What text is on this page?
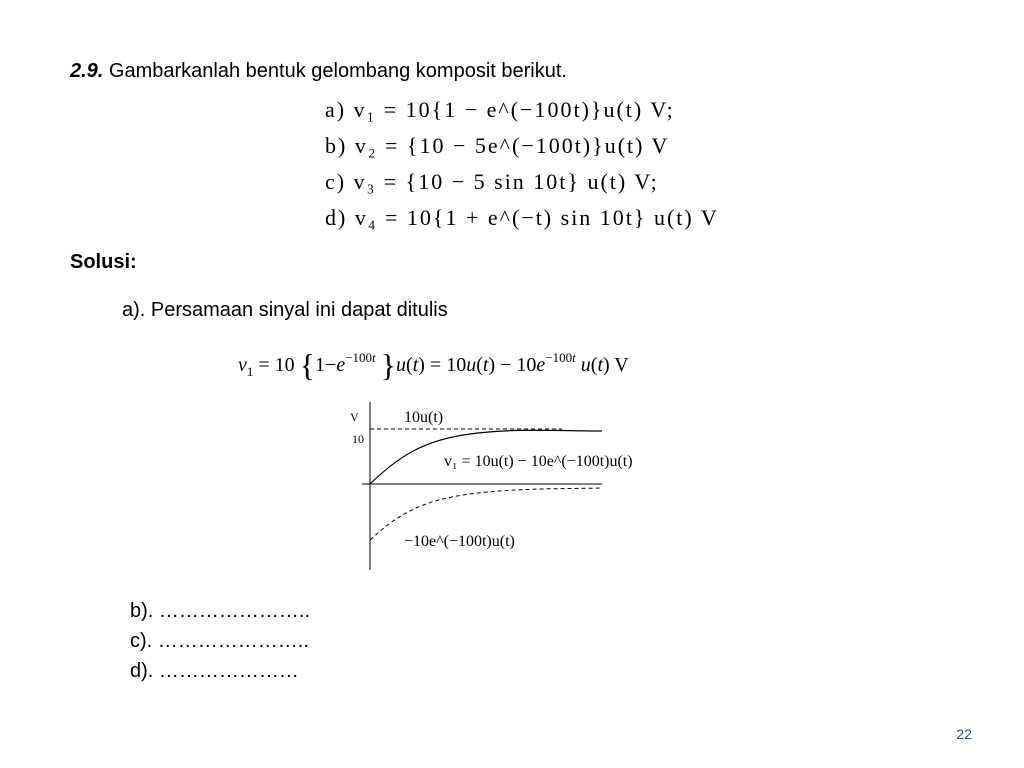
2.9. Gambarkanlah bentuk gelombang komposit berikut.
a) v₁ = 10{1 − e^(−100t)}u(t) V;
b) v₂ = {10 − 5e^(−100t)}u(t) V
c) v₃ = {10 − 5 sin 10t} u(t) V;
d) v₄ = 10{1 + e^(−t) sin 10t} u(t) V
Solusi:
a). Persamaan sinyal ini dapat ditulis
$v_1 = 10$ {$1-e^{-100}t$ }$u(t) = 10u(t) - 10e^{-100}t$ u(t) V
V
10
10u(t)
v₁ = 10u(t) − 10e^(−100t)u(t)
−10e^(−100t)u(t)
b). …………………..
c). …………………..
d). …………………
22
